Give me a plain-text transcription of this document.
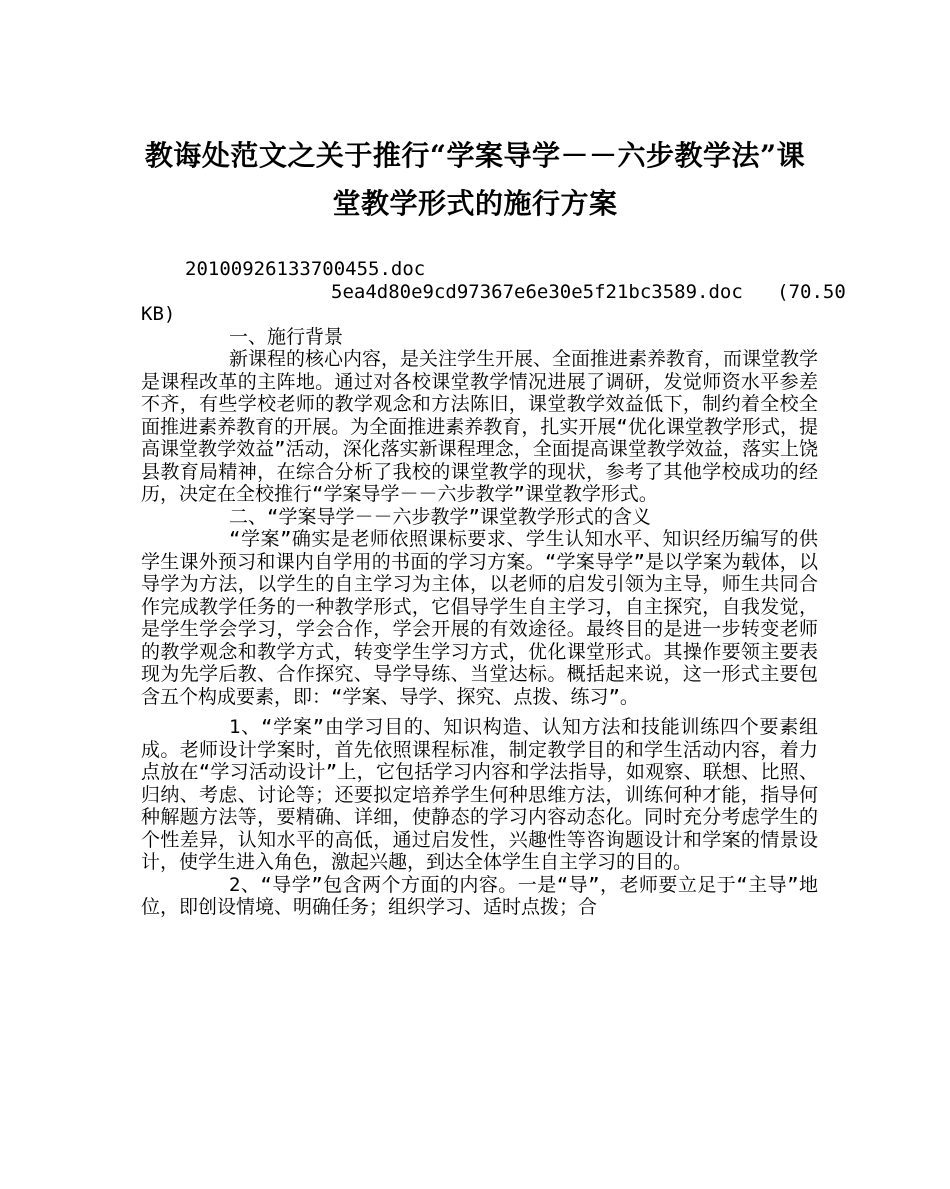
教诲处范文之关于推行“学案导学－－六步教学法”课堂教学形式的施行方案

20100926133700455.doc

5ea4d80e9cd97367e6e30e5f21bc3589.doc (70.50

KB)

一、施行背景

新课程的核心内容，是关注学生开展、全面推进素养教育，而课堂教学是课程改革的主阵地。通过对各校课堂教学情况进展了调研，发觉师资水平参差不齐，有些学校老师的教学观念和方法陈旧，课堂教学效益低下，制约着全校全面推进素养教育的开展。为全面推进素养教育，扎实开展“优化课堂教学形式，提高课堂教学效益”活动，深化落实新课程理念，全面提高课堂教学效益，落实上饶县教育局精神，在综合分析了我校的课堂教学的现状，参考了其他学校成功的经历，决定在全校推行“学案导学－－六步教学”课堂教学形式。

二、“学案导学－－六步教学”课堂教学形式的含义

“学案”确实是老师依照课标要求、学生认知水平、知识经历编写的供学生课外预习和课内自学用的书面的学习方案。“学案导学”是以学案为载体，以导学为方法，以学生的自主学习为主体，以老师的启发引领为主导，师生共同合作完成教学任务的一种教学形式，它倡导学生自主学习，自主探究，自我发觉，是学生学会学习，学会合作，学会开展的有效途径。最终目的是进一步转变老师的教学观念和教学方式，转变学生学习方式，优化课堂形式。其操作要领主要表现为先学后教、合作探究、导学导练、当堂达标。概括起来说，这一形式主要包含五个构成要素，即：“学案、导学、探究、点拨、练习”。

1、“学案”由学习目的、知识构造、认知方法和技能训练四个要素组成。老师设计学案时，首先依照课程标准，制定教学目的和学生活动内容，着力点放在“学习活动设计”上，它包括学习内容和学法指导，如观察、联想、比照、归纳、考虑、讨论等；还要拟定培养学生何种思维方法，训练何种才能，指导何种解题方法等，要精确、详细，使静态的学习内容动态化。同时充分考虑学生的个性差异，认知水平的高低，通过启发性，兴趣性等咨询题设计和学案的情景设计，使学生进入角色，激起兴趣，到达全体学生自主学习的目的。

2、“导学”包含两个方面的内容。一是“导”，老师要立足于“主导”地位，即创设情境、明确任务；组织学习、适时点拨；合
